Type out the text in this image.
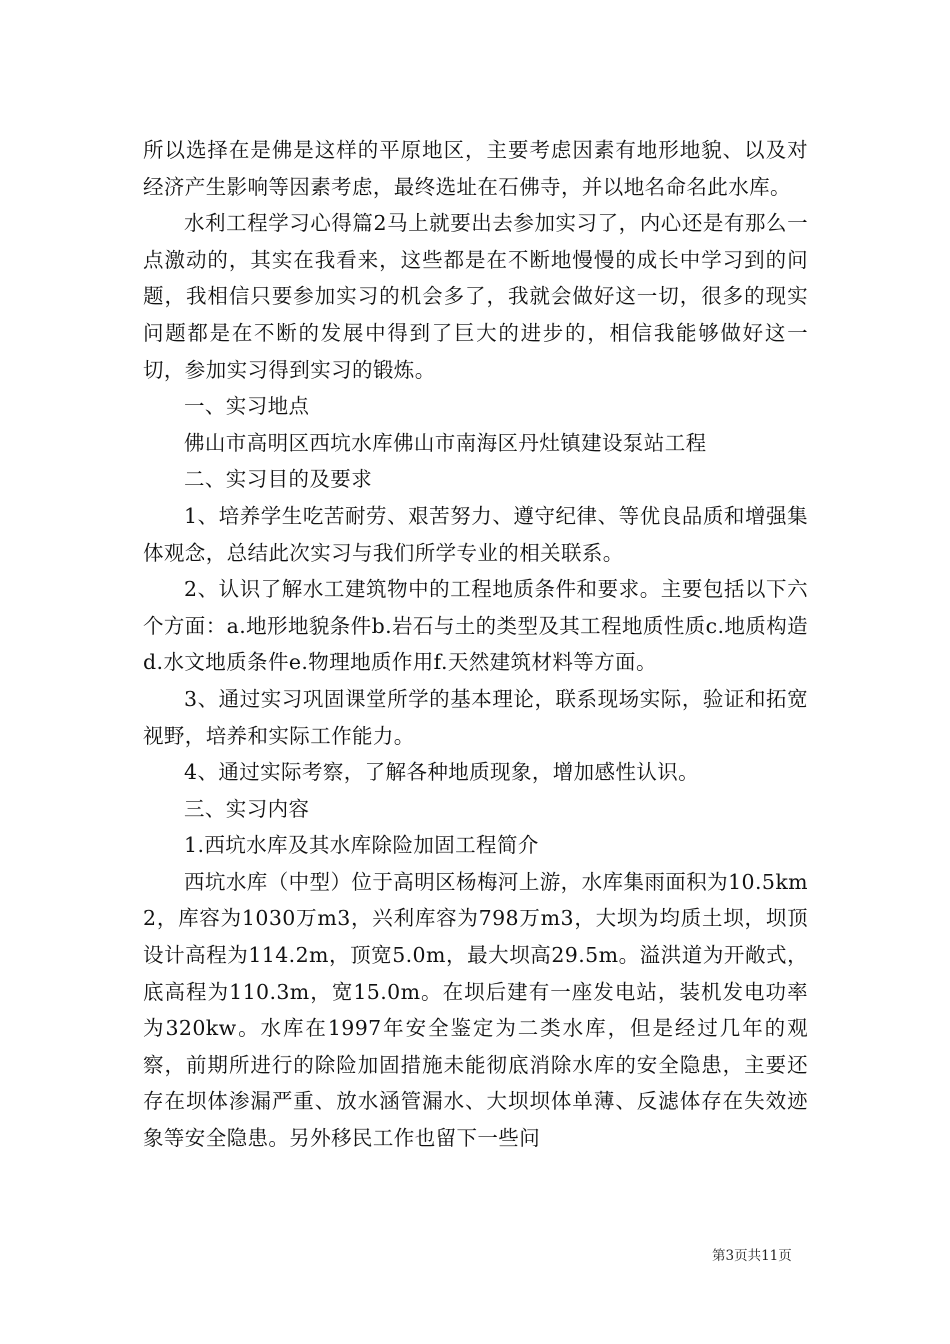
所以选择在是佛是这样的平原地区，主要考虑因素有地形地貌、以及对经济产生影响等因素考虑，最终选址在石佛寺，并以地名命名此水库。

水利工程学习心得篇2马上就要出去参加实习了，内心还是有那么一点激动的，其实在我看来，这些都是在不断地慢慢的成长中学习到的问题，我相信只要参加实习的机会多了，我就会做好这一切，很多的现实问题都是在不断的发展中得到了巨大的进步的，相信我能够做好这一切，参加实习得到实习的锻炼。

一、实习地点

佛山市高明区西坑水库佛山市南海区丹灶镇建设泵站工程

二、实习目的及要求

1、培养学生吃苦耐劳、艰苦努力、遵守纪律、等优良品质和增强集体观念，总结此次实习与我们所学专业的相关联系。

2、认识了解水工建筑物中的工程地质条件和要求。主要包括以下六个方面：a.地形地貌条件b.岩石与土的类型及其工程地质性质c.地质构造d.水文地质条件e.物理地质作用f.天然建筑材料等方面。

3、通过实习巩固课堂所学的基本理论，联系现场实际，验证和拓宽视野，培养和实际工作能力。

4、通过实际考察，了解各种地质现象，增加感性认识。

三、实习内容

1.西坑水库及其水库除险加固工程简介

西坑水库（中型）位于高明区杨梅河上游，水库集雨面积为10.5km2，库容为1030万m3，兴利库容为798万m3，大坝为均质土坝，坝顶设计高程为114.2m，顶宽5.0m，最大坝高29.5m。溢洪道为开敞式，底高程为110.3m，宽15.0m。在坝后建有一座发电站，装机发电功率为320kw。水库在1997年安全鉴定为二类水库，但是经过几年的观察，前期所进行的除险加固措施未能彻底消除水库的安全隐患，主要还存在坝体渗漏严重、放水涵管漏水、大坝坝体单薄、反滤体存在失效迹象等安全隐患。另外移民工作也留下一些问

第3页共11页
